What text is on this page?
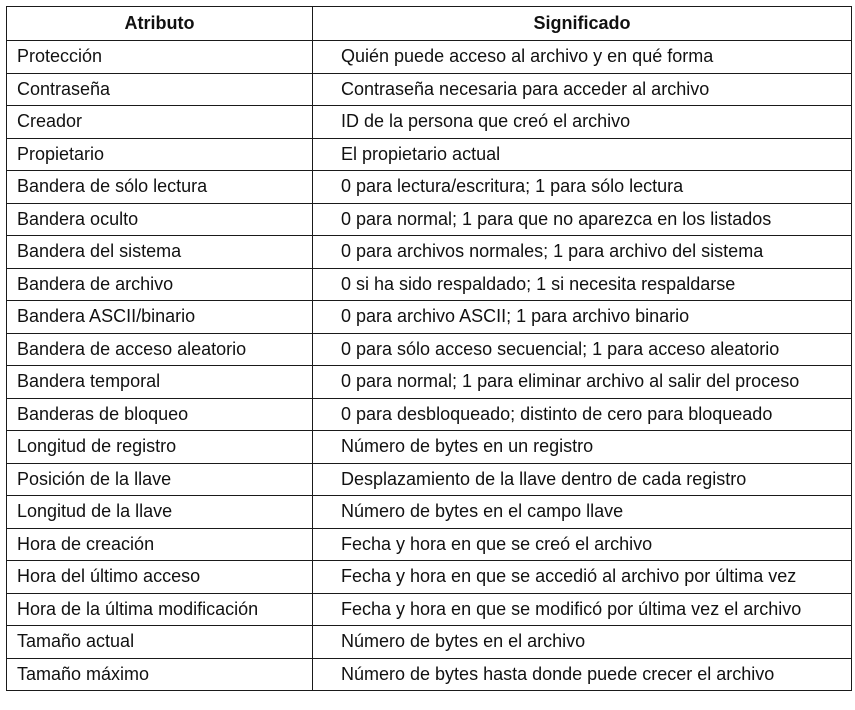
Atributo	Significado
Protección	Quién puede acceso al archivo y en qué forma
Contraseña	Contraseña necesaria para acceder al archivo
Creador	ID de la persona que creó el archivo
Propietario	El propietario actual
Bandera de sólo lectura	0 para lectura/escritura; 1 para sólo lectura
Bandera oculto	0 para normal; 1 para que no aparezca en los listados
Bandera del sistema	0 para archivos normales; 1 para archivo del sistema
Bandera de archivo	0 si ha sido respaldado; 1 si necesita respaldarse
Bandera ASCII/binario	0 para archivo ASCII; 1 para archivo binario
Bandera de acceso aleatorio	0 para sólo acceso secuencial; 1 para acceso aleatorio
Bandera temporal	0 para normal; 1 para eliminar archivo al salir del proceso
Banderas de bloqueo	0 para desbloqueado; distinto de cero para bloqueado
Longitud de registro	Número de bytes en un registro
Posición de la llave	Desplazamiento de la llave dentro de cada registro
Longitud de la llave	Número de bytes en el campo llave
Hora de creación	Fecha y hora en que se creó el archivo
Hora del último acceso	Fecha y hora en que se accedió al archivo por última vez
Hora de la última modificación	Fecha y hora en que se modificó por última vez el archivo
Tamaño actual	Número de bytes en el archivo
Tamaño máximo	Número de bytes hasta donde puede crecer el archivo
